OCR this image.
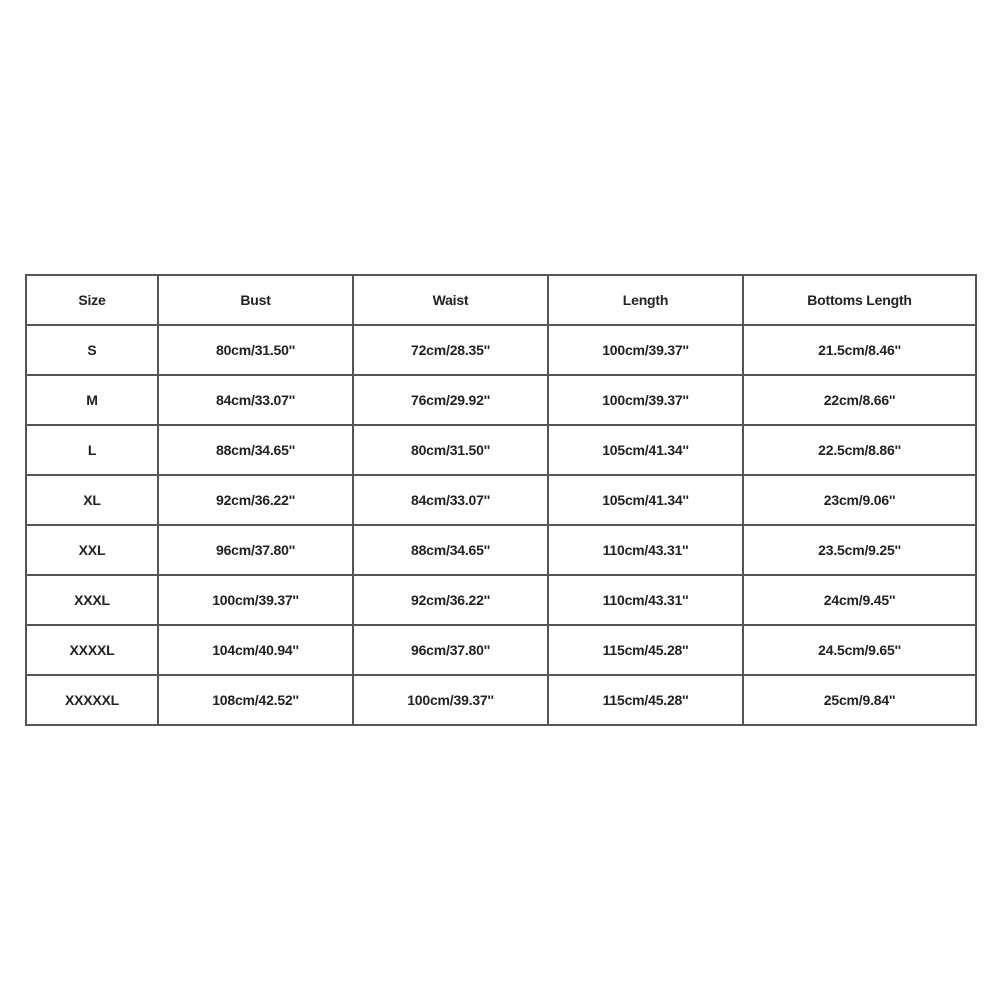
Size	Bust	Waist	Length	Bottoms Length
S	80cm/31.50''	72cm/28.35''	100cm/39.37''	21.5cm/8.46''
M	84cm/33.07''	76cm/29.92''	100cm/39.37''	22cm/8.66''
L	88cm/34.65''	80cm/31.50''	105cm/41.34''	22.5cm/8.86''
XL	92cm/36.22''	84cm/33.07''	105cm/41.34''	23cm/9.06''
XXL	96cm/37.80''	88cm/34.65''	110cm/43.31''	23.5cm/9.25''
XXXL	100cm/39.37''	92cm/36.22''	110cm/43.31''	24cm/9.45''
XXXXL	104cm/40.94''	96cm/37.80''	115cm/45.28''	24.5cm/9.65''
XXXXXL	108cm/42.52''	100cm/39.37''	115cm/45.28''	25cm/9.84''
